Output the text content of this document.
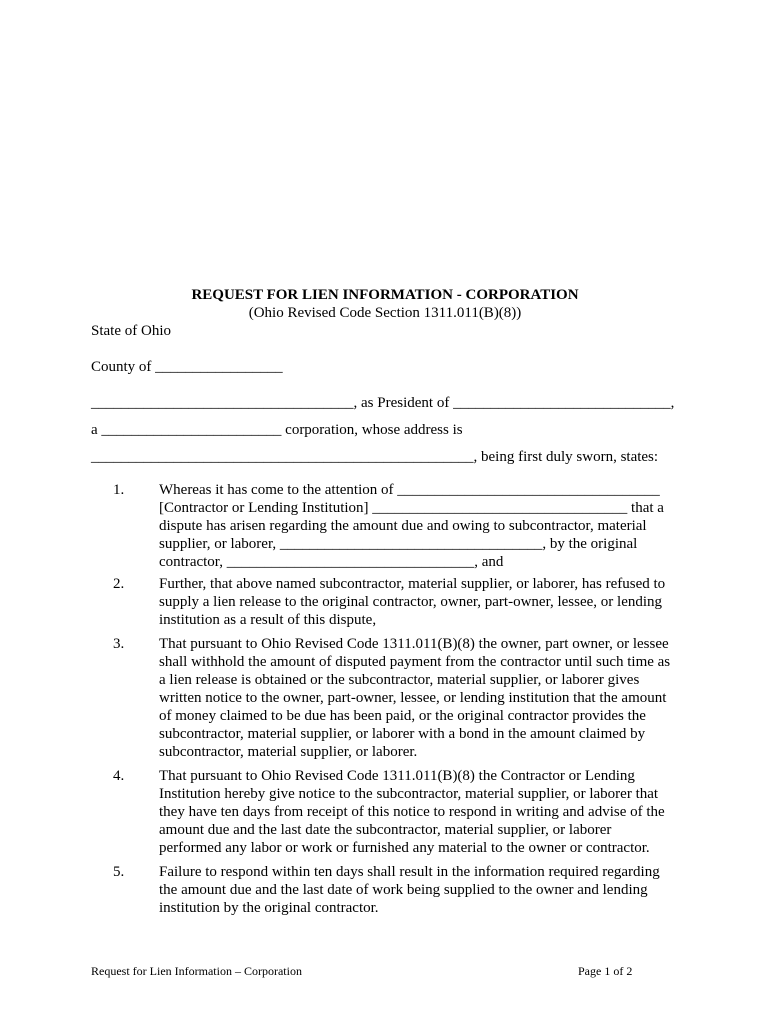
REQUEST FOR LIEN INFORMATION - CORPORATION
(Ohio Revised Code Section 1311.011(B)(8))
State of Ohio
County of _________________
___________________________________, as President of _____________________________,
a ________________________ corporation, whose address is
___________________________________________________, being first duly sworn, states:
1. Whereas it has come to the attention of ___________________________________
[Contractor or Lending Institution] __________________________________ that a
dispute has arisen regarding the amount due and owing to subcontractor, material
supplier, or laborer, ___________________________________, by the original
contractor, _________________________________, and
2. Further, that above named subcontractor, material supplier, or laborer, has refused to
supply a lien release to the original contractor, owner, part-owner, lessee, or lending
institution as a result of this dispute,
3. That pursuant to Ohio Revised Code 1311.011(B)(8) the owner, part owner, or lessee
shall withhold the amount of disputed payment from the contractor until such time as
a lien release is obtained or the subcontractor, material supplier, or laborer gives
written notice to the owner, part-owner, lessee, or lending institution that the amount
of money claimed to be due has been paid, or the original contractor provides the
subcontractor, material supplier, or laborer with a bond in the amount claimed by
subcontractor, material supplier, or laborer.
4. That pursuant to Ohio Revised Code 1311.011(B)(8) the Contractor or Lending
Institution hereby give notice to the subcontractor, material supplier, or laborer that
they have ten days from receipt of this notice to respond in writing and advise of the
amount due and the last date the subcontractor, material supplier, or laborer
performed any labor or work or furnished any material to the owner or contractor.
5. Failure to respond within ten days shall result in the information required regarding
the amount due and the last date of work being supplied to the owner and lending
institution by the original contractor.
Request for Lien Information – Corporation	Page 1 of 2
